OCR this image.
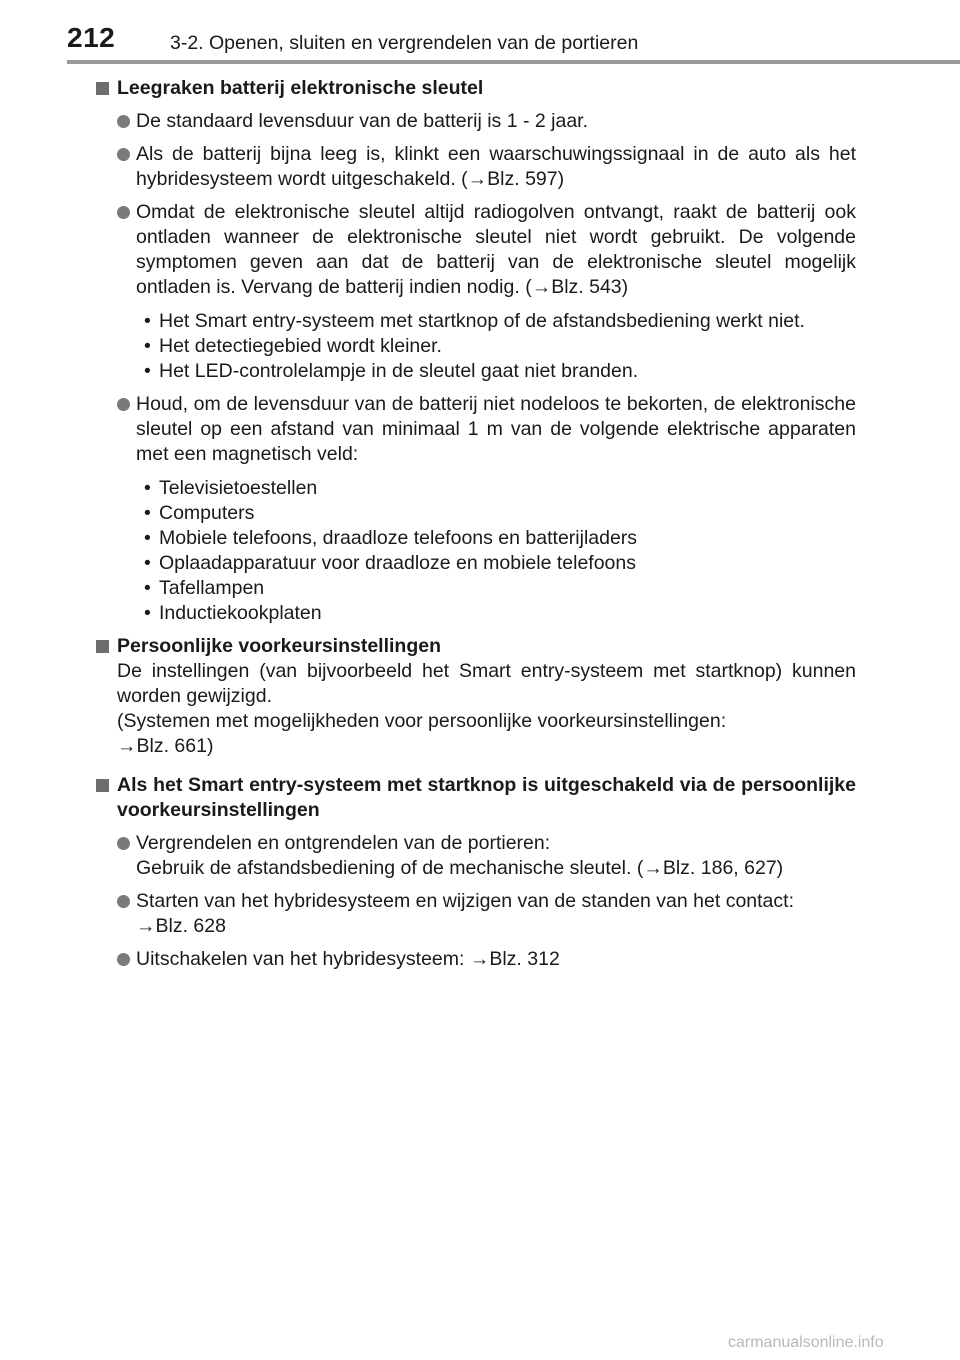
212	3-2. Openen, sluiten en vergrendelen van de portieren
Leegraken batterij elektronische sleutel
De standaard levensduur van de batterij is 1 - 2 jaar.
Als de batterij bijna leeg is, klinkt een waarschuwingssignaal in de auto als het hybridesysteem wordt uitgeschakeld. (→Blz. 597)
Omdat de elektronische sleutel altijd radiogolven ontvangt, raakt de batterij ook ontladen wanneer de elektronische sleutel niet wordt gebruikt. De volgende symptomen geven aan dat de batterij van de elektronische sleutel mogelijk ontladen is. Vervang de batterij indien nodig. (→Blz. 543)
• Het Smart entry-systeem met startknop of de afstandsbediening werkt niet.
• Het detectiegebied wordt kleiner.
• Het LED-controlelampje in de sleutel gaat niet branden.
Houd, om de levensduur van de batterij niet nodeloos te bekorten, de elektronische sleutel op een afstand van minimaal 1 m van de volgende elektrische apparaten met een magnetisch veld:
• Televisietoestellen
• Computers
• Mobiele telefoons, draadloze telefoons en batterijladers
• Oplaadapparatuur voor draadloze en mobiele telefoons
• Tafellampen
• Inductiekookplaten
Persoonlijke voorkeursinstellingen

De instellingen (van bijvoorbeeld het Smart entry-systeem met startknop) kunnen worden gewijzigd.

(Systemen met mogelijkheden voor persoonlijke voorkeursinstellingen:
→Blz. 661)

Als het Smart entry-systeem met startknop is uitgeschakeld via de persoonlijke voorkeursinstellingen
Vergrendelen en ontgrendelen van de portieren:
Gebruik de afstandsbediening of de mechanische sleutel. (→Blz. 186, 627)
Starten van het hybridesysteem en wijzigen van de standen van het contact:
→Blz. 628
Uitschakelen van het hybridesysteem: →Blz. 312
carmanualsonline.info
